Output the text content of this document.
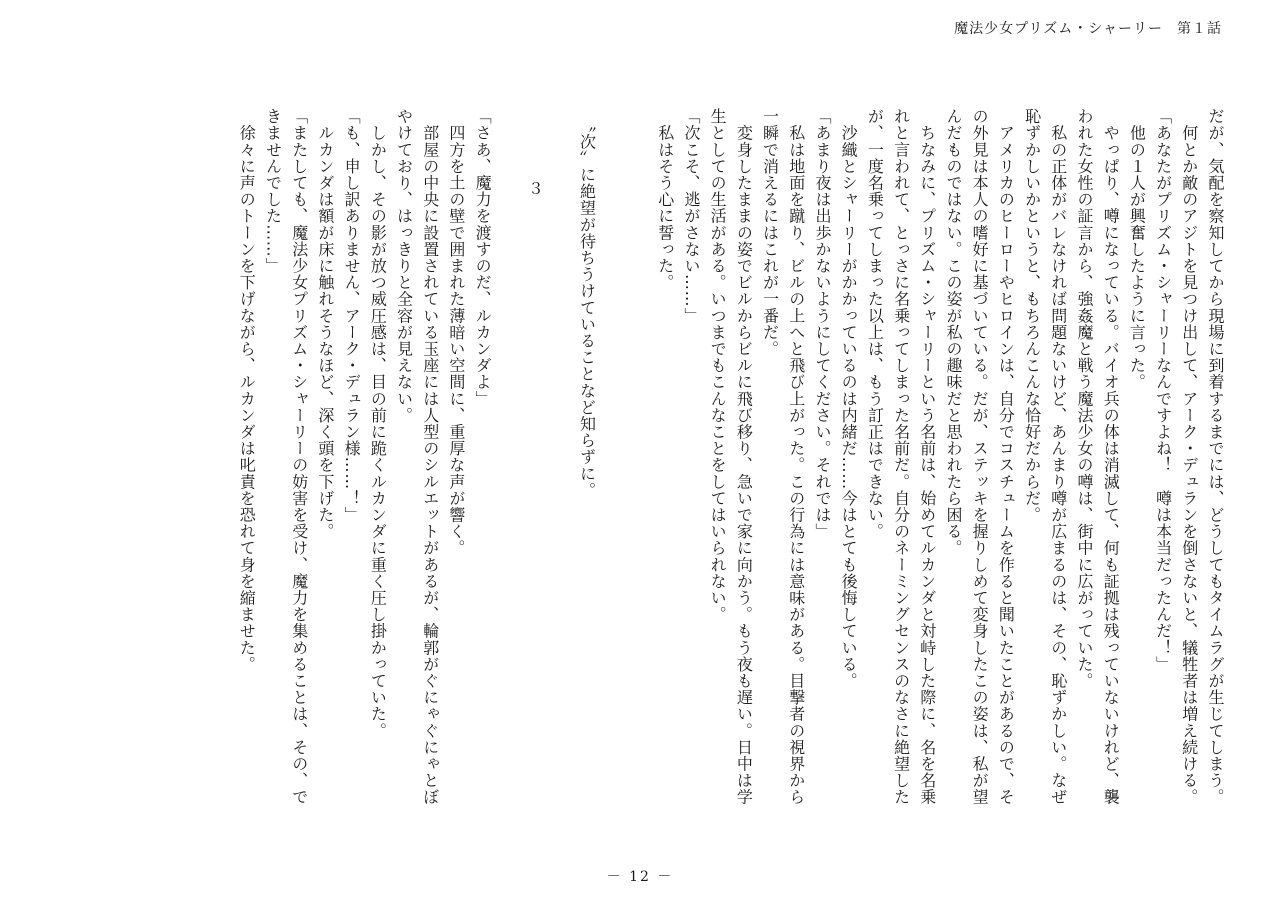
魔法少女プリズム・シャーリー 第１話

だが、気配を察知してから現場に到着するまでには、どうしてもタイムラグが生じてしまう。

　何とか敵のアジトを見つけ出して、アーク・デュランを倒さないと、犠牲者は増え続ける。

「あなたがプリズム・シャーリーなんですよね！　噂は本当だったんだ！」

　他の１人が興奮したように言った。

　やっぱり、噂になっている。バイオ兵の体は消滅して、何も証拠は残っていないけれど、襲われた女性の証言から、強姦魔と戦う魔法少女の噂は、街中に広がっていた。

　私の正体がバレなければ問題ないけど、あんまり噂が広まるのは、その、恥ずかしい。なぜ恥ずかしいかというと、もちろんこんな恰好だからだ。

　アメリカのヒーローやヒロインは、自分でコスチュームを作ると聞いたことがあるので、その外見は本人の嗜好に基づいている。だが、ステッキを握りしめて変身したこの姿は、私が望んだものではない。この姿が私の趣味だと思われたら困る。

　ちなみに、プリズム・シャーリーという名前は、始めてルカンダと対峙した際に、名を名乗れと言われて、とっさに名乗ってしまった名前だ。自分のネーミングセンスのなさに絶望したが、一度名乗ってしまった以上は、もう訂正はできない。

　沙織とシャーリーがかかっているのは内緒だ……今はとても後悔している。

「あまり夜は出歩かないようにしてください。それでは」

　私は地面を蹴り、ビルの上へと飛び上がった。この行為には意味がある。目撃者の視界から一瞬で消えるにはこれが一番だ。

　変身したままの姿でビルからビルに飛び移り、急いで家に向かう。もう夜も遅い。日中は学生としての生活がある。いつまでもこんなことをしてはいられない。

「次こそ、逃がさない……」

　私はそう心に誓った。

　〝次〟に絶望が待ちうけていることなど知らずに。

３

「さあ、魔力を渡すのだ、ルカンダよ」

　四方を土の壁で囲まれた薄暗い空間に、重厚な声が響く。

　部屋の中央に設置されている玉座には人型のシルエットがあるが、輪郭がぐにゃぐにゃとぼやけており、はっきりと全容が見えない。

　しかし、その影が放つ威圧感は、目の前に跪くルカンダに重く圧し掛かっていた。

「も、申し訳ありません、アーク・デュラン様……！」

　ルカンダは額が床に触れそうなほど、深く頭を下げた。

「またしても、魔法少女プリズム・シャーリーの妨害を受け、魔力を集めることは、その、できませんでした……」

　徐々に声のトーンを下げながら、ルカンダは叱責を恐れて身を縮ませた。

－ 12 －
